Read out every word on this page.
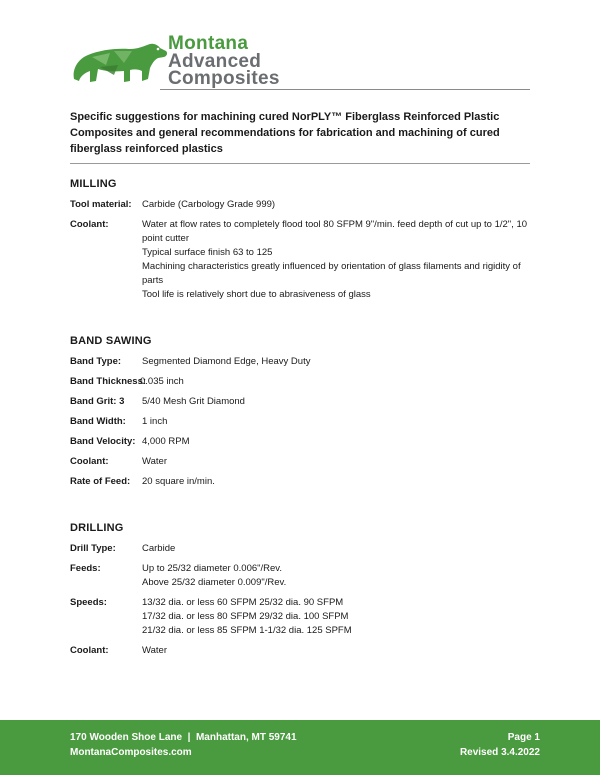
Montana
Advanced
Composites
Specific suggestions for machining cured NorPLY™ Fiberglass Reinforced Plastic Composites and general recommendations for fabrication and machining of cured fiberglass reinforced plastics
MILLING
Tool material:	Carbide (Carbology Grade 999)
Coolant:	Water at flow rates to completely flood tool 80 SFPM 9"/min. feed depth of cut up to 1/2", 10 point cutter
Typical surface finish 63 to 125
Machining characteristics greatly influenced by orientation of glass filaments and rigidity of parts
Tool life is relatively short due to abrasiveness of glass
BAND SAWING
Band Type:	Segmented Diamond Edge, Heavy Duty
Band Thickness:
0.035 inch
Band Grit: 3	5/40 Mesh Grit Diamond
Band Width:	1 inch
Band Velocity: 4,000 RPM
Coolant:	Water
Rate of Feed:	20 square in/min.
DRILLING
Drill Type:	Carbide
Feeds:	Up to 25/32 diameter 0.006"/Rev.
Above 25/32 diameter 0.009"/Rev.
Speeds:	13/32 dia. or less 60 SFPM 25/32 dia. 90 SFPM
17/32 dia. or less 80 SFPM 29/32 dia. 100 SFPM
21/32 dia. or less 85 SFPM 1-1/32 dia. 125 SPFM
Coolant:	Water
170 Wooden Shoe Lane  |  Manhattan, MT 59741
MontanaComposites.com
Page 1
Revised 3.4.2022
